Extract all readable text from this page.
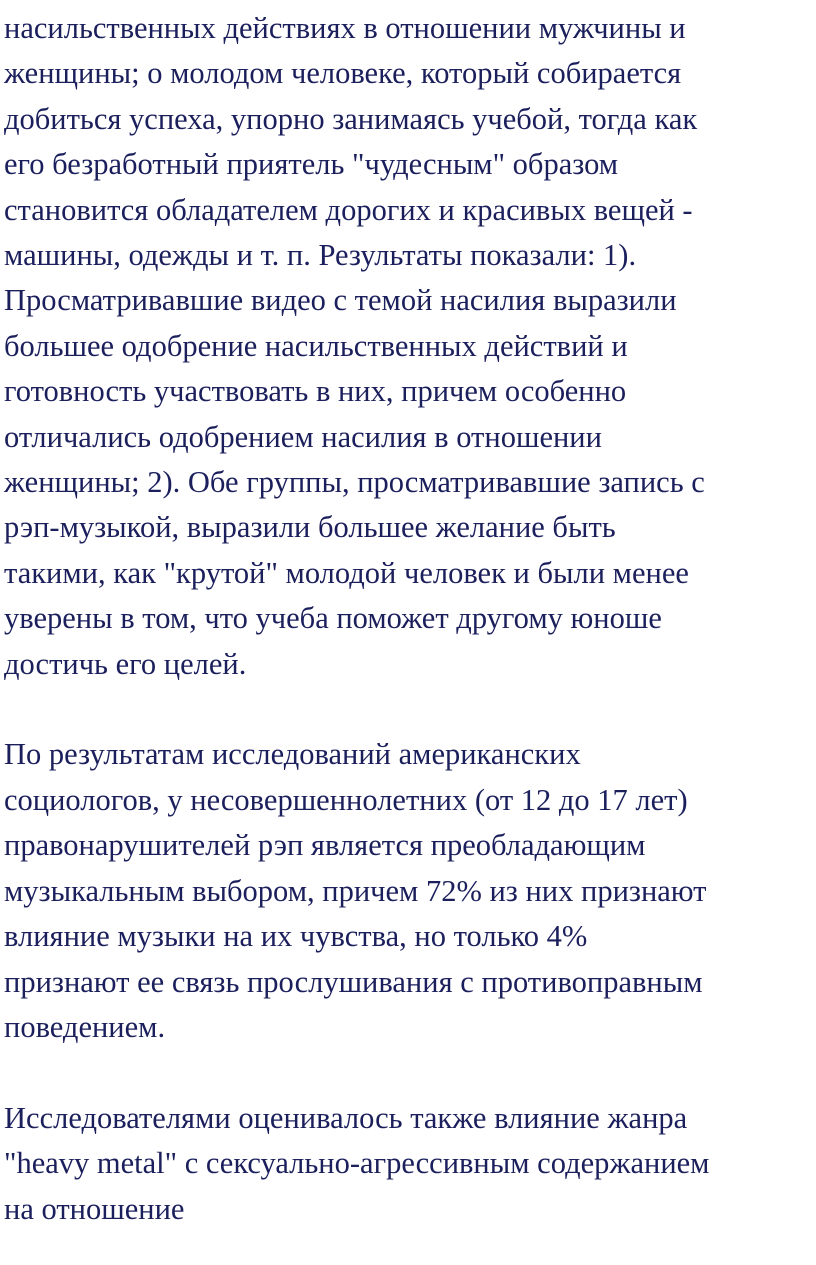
насильственных действиях в отношении мужчины и
женщины; о молодом человеке, который собирается
добиться успеха, упорно занимаясь учебой, тогда как
его безработный приятель "чудесным" образом
становится обладателем дорогих и красивых вещей -
машины, одежды и т. п. Результаты показали: 1).
Просматривавшие видео с темой насилия выразили
большее одобрение насильственных действий и
готовность участвовать в них, причем особенно
отличались одобрением насилия в отношении
женщины; 2). Обе группы, просматривавшие запись с
рэп-музыкой, выразили большее желание быть
такими, как "крутой" молодой человек и были менее
уверены в том, что учеба поможет другому юноше
достичь его целей.
По результатам исследований американских
социологов, у несовершеннолетних (от 12 до 17 лет)
правонарушителей рэп является преобладающим
музыкальным выбором, причем 72% из них признают
влияние музыки на их чувства, но только 4%
признают ее связь прослушивания с противоправным
поведением.
Исследователями оценивалось также влияние жанра
"heavy metal" с сексуально-агрессивным содержанием
на отношение
